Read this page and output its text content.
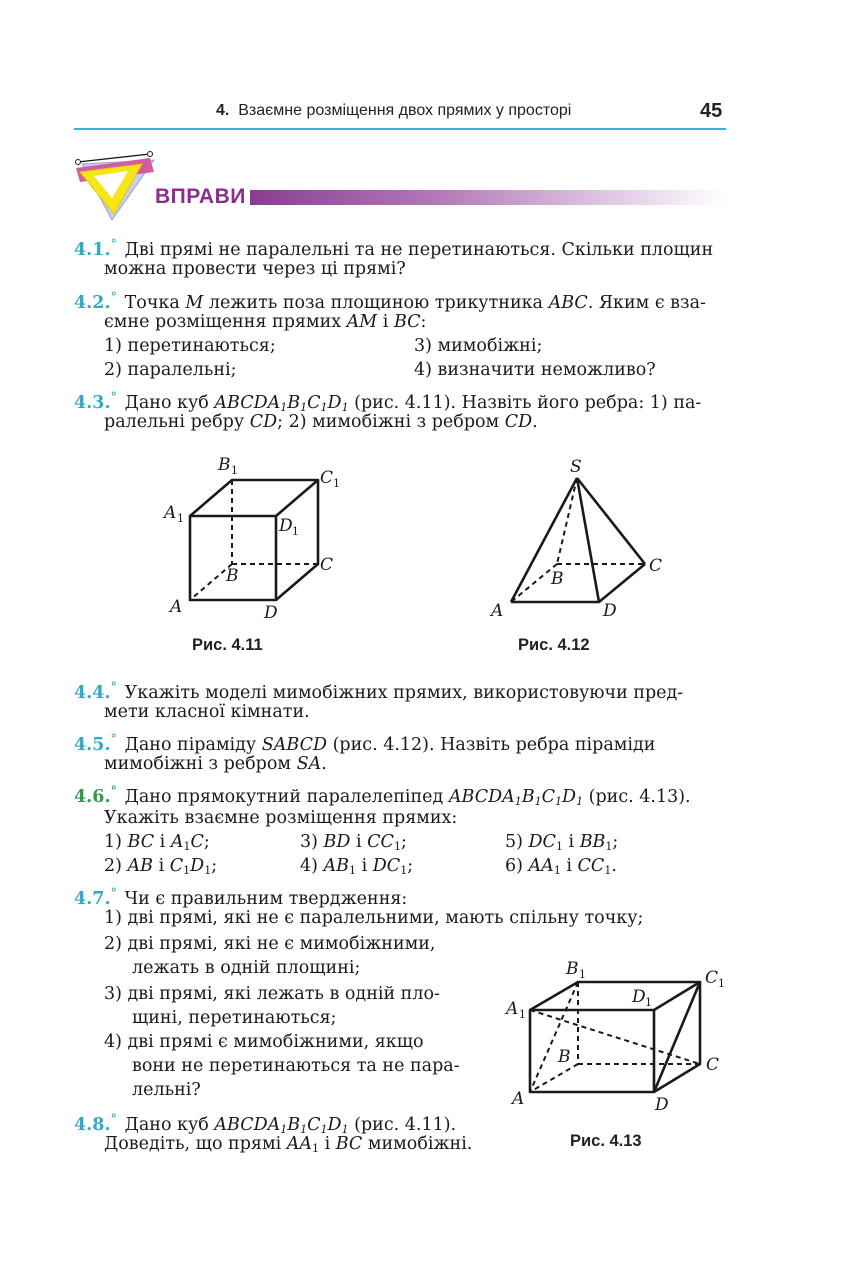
4. Взаємне розміщення двох прямих у просторі	45
ВПРАВИ
4.1.° Дві прямі не паралельні та не перетинаються. Скільки площин
можна провести через ці прямі?
4.2.° Точка M лежить поза площиною трикутника ABC. Яким є вза-
ємне розміщення прямих AM і BC:
1) перетинаються;	3) мимобіжні;
2) паралельні;	4) визначити неможливо?
4.3.° Дано куб $ABCDA_1B_1C_1D_1$ (рис. 4.11). Назвіть його ребра: 1) па-
ралельні ребру CD; 2) мимобіжні з ребром CD.
B 1	C 1
A 1	D 1
B
C
A	D
Рис. 4.11
S
B
C
A	D
Рис. 4.12
4.4.° Укажіть моделі мимобіжних прямих, використовуючи пред-
мети класної кімнати.
4.5.° Дано піраміду SABCD (рис. 4.12). Назвіть ребра піраміди
мимобіжні з ребром SA.
4.6.° Дано прямокутний паралелепіпед $ABCDA_1B_1C_1D_1$ (рис. 4.13).
Укажіть взаємне розміщення прямих:
1) BC і $A_1C$;	3) BD і $CC_1$;	5) $DC_1$ і $BB_1$;
2) AB і $C_1D_1$;	4) $AB_1$ і $DC_1$;	6) $AA_1$ і $CC_1$.
4.7.° Чи є правильним твердження:
1) дві прямі, які не є паралельними, мають спільну точку;
2) дві прямі, які не є мимобіжними,
лежать в одній площині;
3) дві прямі, які лежать в одній пло-
щині, перетинаються;
4) дві прямі є мимобіжними, якщо
вони не перетинаються та не пара-
лельні?
4.8.° Дано куб $ABCDA_1B_1C_1D_1$ (рис. 4.11).
Доведіть, що прямі $AA_1$ і BC мимобіжні.
B 1	C 1
D 1
A 1
B	C
A	D
Рис. 4.13
